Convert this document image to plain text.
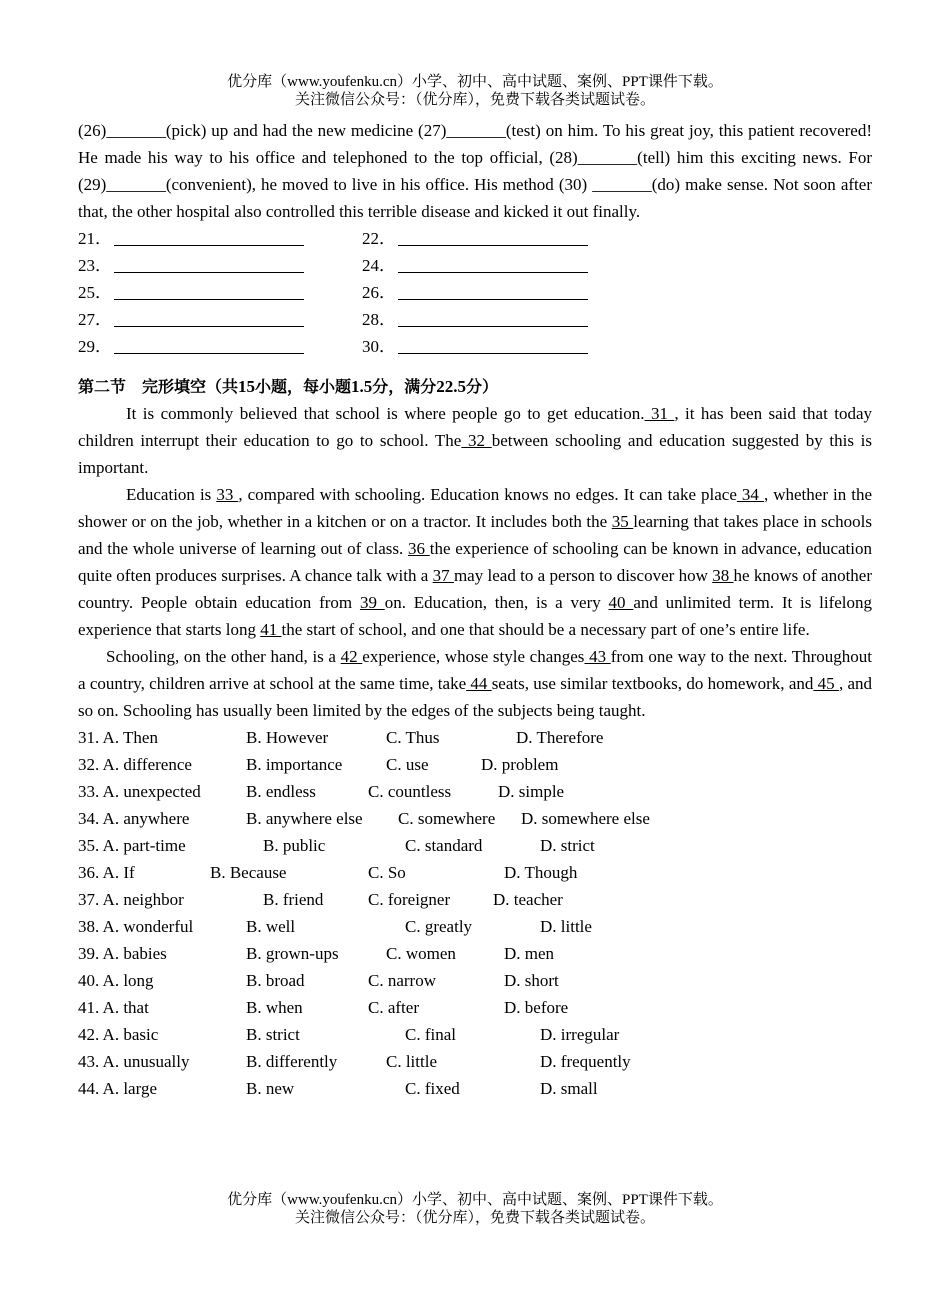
优分库（www.youfenku.cn）小学、初中、高中试题、案例、PPT课件下载。
关注微信公众号：（优分库），免费下载各类试题试卷。

(26)_______(pick) up and had the new medicine (27)_______(test) on him. To his great joy, this patient recovered! He made his way to his office and telephoned to the top official, (28)_______(tell) him this exciting news. For (29)_______(convenient), he moved to live in his office. His method (30) _______(do) make sense. Not soon after that, the other hospital also controlled this terrible disease and kicked it out finally.

21．	22．
23．	24．
25．	26．
27．	28．
29．	30．
第二节　完形填空（共15小题，每小题1.5分，满分22.5分）

It is commonly believed that school is where people go to get education. 31 , it has been said that today children interrupt their education to go to school. The 32 between schooling and education suggested by this is important.

Education is 33 , compared with schooling. Education knows no edges. It can take place 34 , whether in the shower or on the job, whether in a kitchen or on a tractor. It includes both the 35 learning that takes place in schools and the whole universe of learning out of class. 36 the experience of schooling can be known in advance, education quite often produces surprises. A chance talk with a 37 may lead to a person to discover how 38 he knows of another country. People obtain education from 39 on. Education, then, is a very 40 and unlimited term. It is lifelong experience that starts long 41 the start of school, and one that should be a necessary part of one’s entire life.

Schooling, on the other hand, is a 42 experience, whose style changes 43 from one way to the next. Throughout a country, children arrive at school at the same time, take 44 seats, use similar textbooks, do homework, and 45 , and so on. Schooling has usually been limited by the edges of the subjects being taught.

31. A. Then	B. However	C. Thus	D. Therefore
32. A. difference	B. importance	C. use	D. problem
33. A. unexpected	B. endless	C. countless	D. simple
34. A. anywhere	B. anywhere else C. somewhere D. somewhere else
35. A. part-time	B. public	C. standard	D. strict
36. A. If	B. Because	C. So	D. Though
37. A. neighbor	B. friend	C. foreigner	D. teacher
38. A. wonderful	B. well	C. greatly	D. little
39. A. babies	B. grown-ups	C. women	D. men
40. A. long	B. broad	C. narrow	D. short
41. A. that	B. when	C. after	D. before
42. A. basic	B. strict	C. final	D. irregular
43. A. unusually	B. differently	C. little	D. frequently
44. A. large	B. new	C. fixed	D. small
优分库（www.youfenku.cn）小学、初中、高中试题、案例、PPT课件下载。
关注微信公众号：（优分库），免费下载各类试题试卷。
